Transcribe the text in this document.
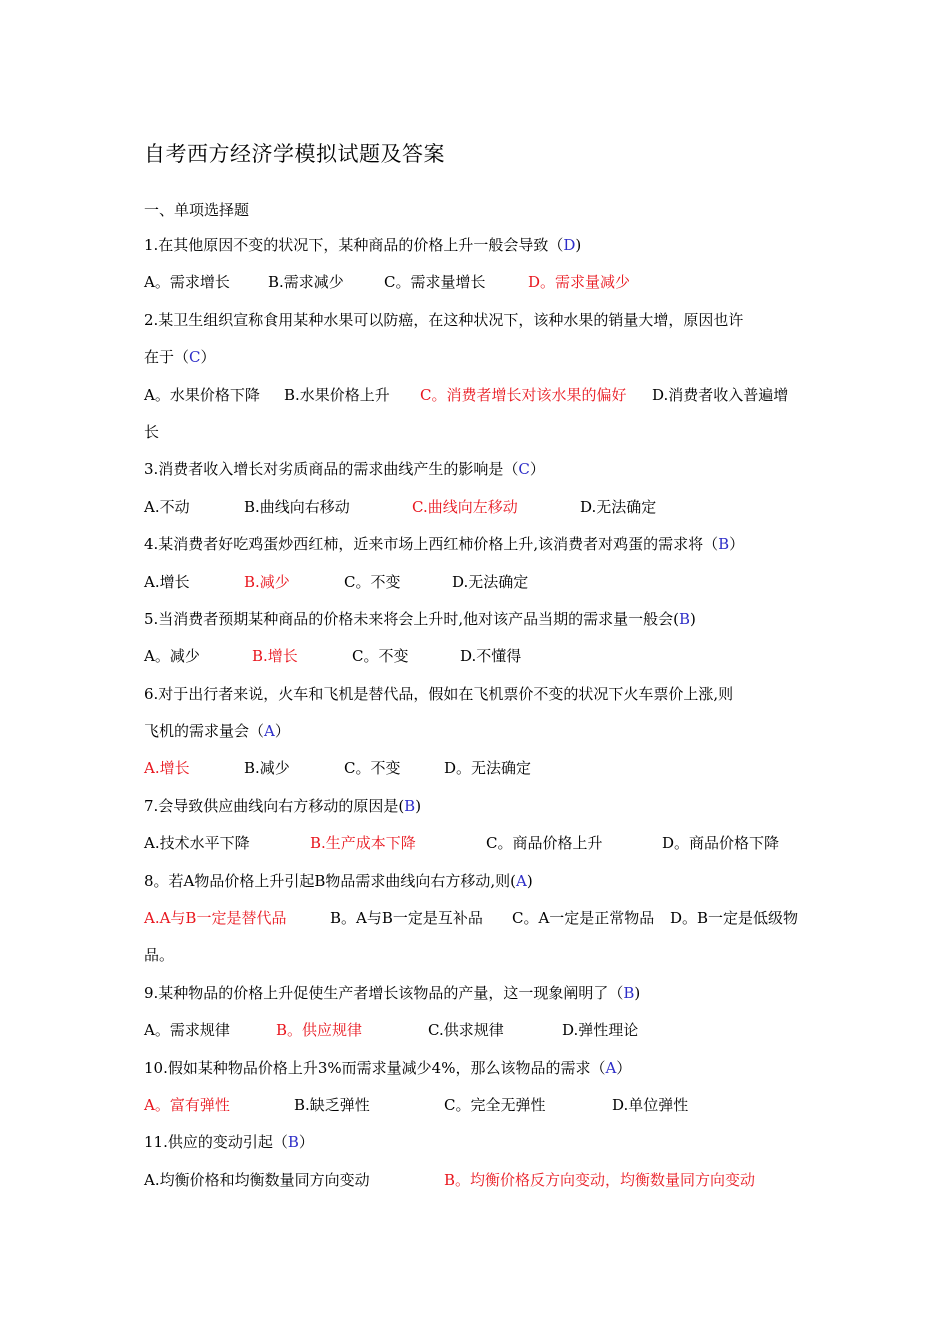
自考西方经济学模拟试题及答案
一、单项选择题
1.在其他原因不变的状况下，某种商品的价格上升一般会导致（D)
A。需求增长	B.需求减少	C。需求量增长	D。需求量减少
2.某卫生组织宣称食用某种水果可以防癌，在这种状况下，该种水果的销量大增，原因也许
在于（C）
A。水果价格下降 B.水果价格上升 C。消费者增长对该水果的偏好 D.消费者收入普遍增
长
3.消费者收入增长对劣质商品的需求曲线产生的影响是（C）
A.不动	B.曲线向右移动	C.曲线向左移动	D.无法确定
4.某消费者好吃鸡蛋炒西红柿，近来市场上西红柿价格上升,该消费者对鸡蛋的需求将（B）
A.增长	B.减少	C。不变	D.无法确定
5.当消费者预期某种商品的价格未来将会上升时,他对该产品当期的需求量一般会(B)
A。减少	B.增长	C。不变	D.不懂得
6.对于出行者来说，火车和飞机是替代品，假如在飞机票价不变的状况下火车票价上涨,则
飞机的需求量会（A）
A.增长	B.减少	C。不变	D。无法确定
7.会导致供应曲线向右方移动的原因是(B)
A.技术水平下降	B.生产成本下降	C。商品价格上升	D。商品价格下降
8。若A物品价格上升引起B物品需求曲线向右方移动,则(A)
A.A与B一定是替代品	B。A与B一定是互补品 C。A一定是正常物品 D。B一定是低级物
品。
9.某种物品的价格上升促使生产者增长该物品的产量，这一现象阐明了（B)
A。需求规律	B。供应规律	C.供求规律	D.弹性理论
10.假如某种物品价格上升3%而需求量减少4%，那么该物品的需求（A）
A。富有弹性	B.缺乏弹性	C。完全无弹性	D.单位弹性
11.供应的变动引起（B）
A.均衡价格和均衡数量同方向变动	B。均衡价格反方向变动，均衡数量同方向变动
